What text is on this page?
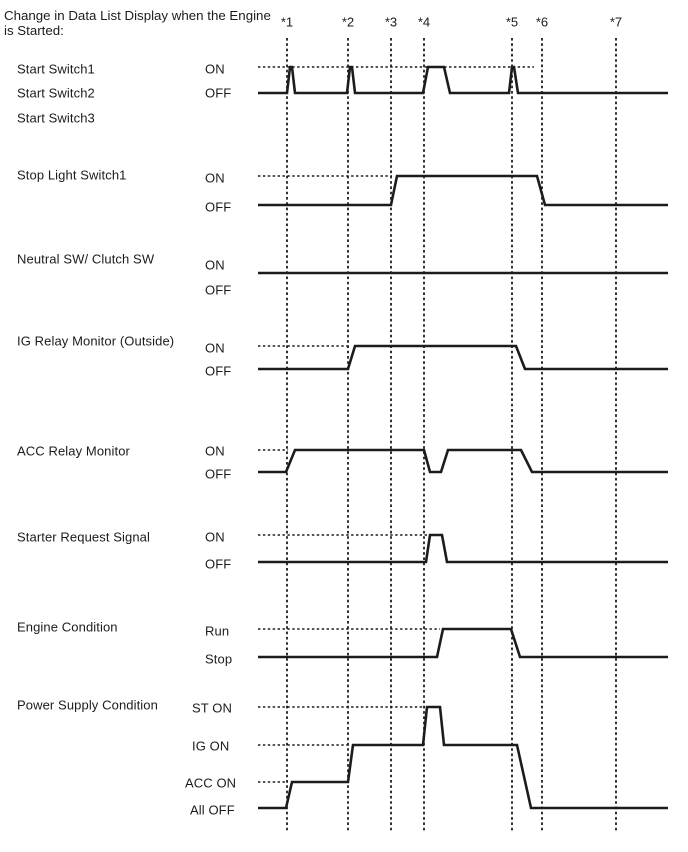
Change in Data List Display when the Engine
is Started:
*1	*2 *3 *4	*5 *6	*7
Start Switch1
Start Switch2
Start Switch3
ON
OFF
Stop Light Switch1	ON
OFF
Neutral SW/ Clutch SW	ON
OFF
IG Relay Monitor (Outside) ON
OFF
ACC Relay Monitor	ON
OFF
Starter Request Signal	ON
OFF
Engine Condition	Run
Stop
Power Supply Condition	ST ON
IG ON
ACC ON
All OFF
